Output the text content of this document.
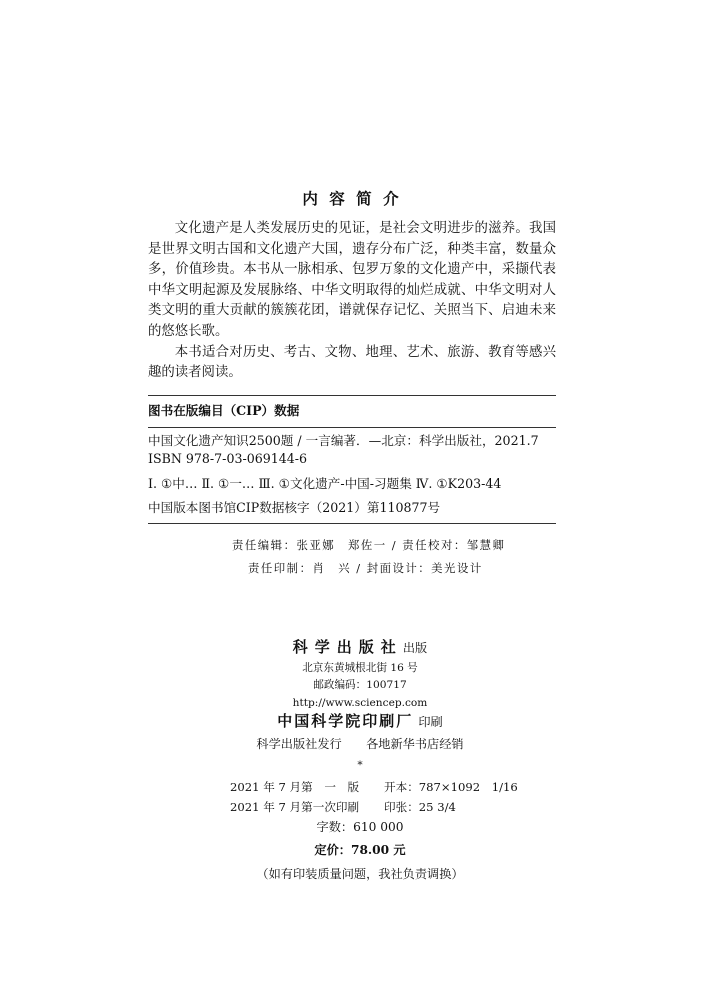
内 容 简 介

文化遗产是人类发展历史的见证，是社会文明进步的滋养。我国是世界文明古国和文化遗产大国，遗存分布广泛，种类丰富，数量众多，价值珍贵。本书从一脉相承、包罗万象的文化遗产中，采撷代表中华文明起源及发展脉络、中华文明取得的灿烂成就、中华文明对人类文明的重大贡献的簇簇花团，谱就保存记忆、关照当下、启迪未来的悠悠长歌。

本书适合对历史、考古、文物、地理、艺术、旅游、教育等感兴趣的读者阅读。

图书在版编目（CIP）数据
中国文化遗产知识2500题 / 一言编著．—北京：科学出版社，2021.7
ISBN 978-7-03-069144-6
Ⅰ. ①中… Ⅱ. ①一… Ⅲ. ①文化遗产-中国-习题集 Ⅳ. ①K203-44
中国版本图书馆CIP数据核字（2021）第110877号
责任编辑：张亚娜　郑佐一 / 责任校对：邹慧卿
责任印制：肖　兴 / 封面设计：美光设计
科学出版社出版
北京东黄城根北街 16 号
邮政编码：100717
http://www.sciencep.com
中国科学院印刷厂 印刷
科学出版社发行　　各地新华书店经销
*
2021 年 7 月第　一　版 开本：787×1092　1/16
2021 年 7 月第一次印刷 印张：25 3/4
字数：610 000
定价：78.00 元
（如有印装质量问题，我社负责调换）
